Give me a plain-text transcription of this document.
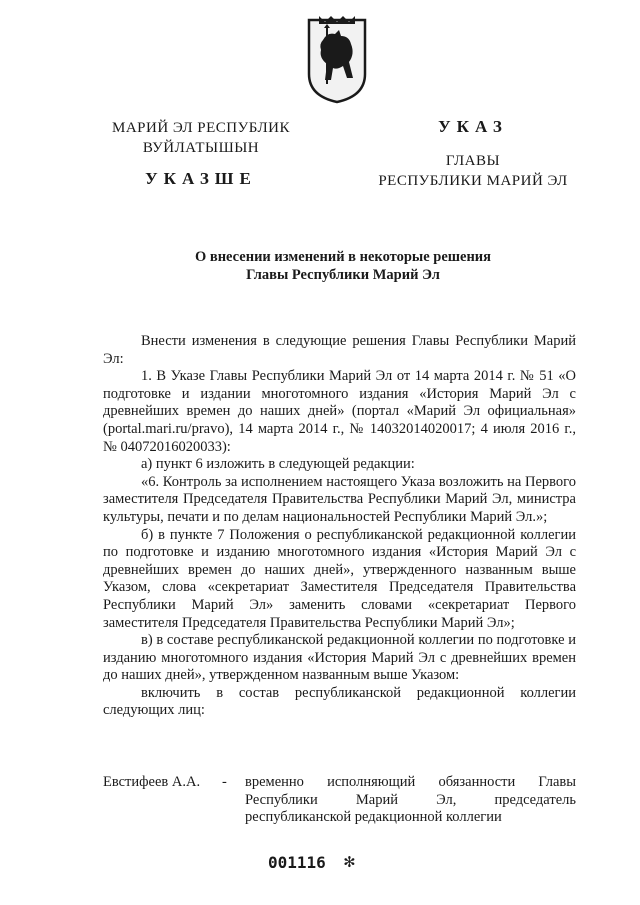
МАРИЙ ЭЛ РЕСПУБЛИК
ВУЙЛАТЫШЫН
УКАЗШЕ
УКАЗ
ГЛАВЫ
РЕСПУБЛИКИ МАРИЙ ЭЛ
О внесении изменений в некоторые решения
Главы Республики Марий Эл

Внести изменения в следующие решения Главы Республики Марий Эл:

1. В Указе Главы Республики Марий Эл от 14 марта 2014 г. № 51 «О подготовке и издании многотомного издания «История Марий Эл с древнейших времен до наших дней» (портал «Марий Эл официальная» (portal.mari.ru/pravo), 14 марта 2014 г., № 14032014020017; 4 июля 2016 г., № 04072016020033):

а) пункт 6 изложить в следующей редакции:

«6. Контроль за исполнением настоящего Указа возложить на Первого заместителя Председателя Правительства Республики Марий Эл, министра культуры, печати и по делам национальностей Республики Марий Эл.»;

б) в пункте 7 Положения о республиканской редакционной коллегии по подготовке и изданию многотомного издания «История Марий Эл с древнейших времен до наших дней», утвержденного названным выше Указом, слова «секретариат Заместителя Председателя Правительства Республики Марий Эл» заменить словами «секретариат Первого заместителя Председателя Правительства Республики Марий Эл»;

в) в составе республиканской редакционной коллегии по подготовке и изданию многотомного издания «История Марий Эл с древнейших времен до наших дней», утвержденном названным выше Указом:

включить в состав республиканской редакционной коллегии следующих лиц:

Евстифеев А.А. - временно исполняющий обязанности Главы Республики Марий Эл, председатель республиканской редакционной коллегии

001116 ✻
